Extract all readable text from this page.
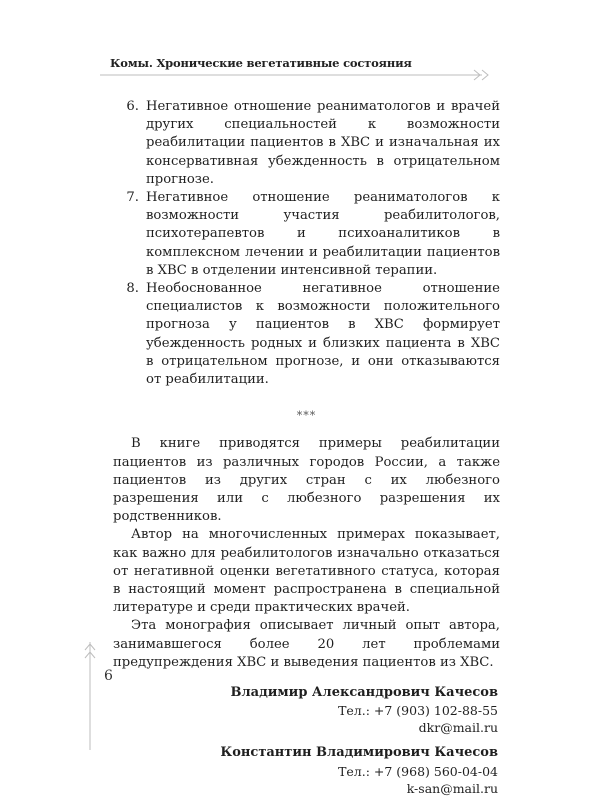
Комы. Хронические вегетативные состояния
6. Негативное отношение реаниматологов и врачей других специальностей к возможности реабилитации пациентов в ХВС и изначальная их консервативная убежденность в отрицательном прогнозе.
7. Негативное отношение реаниматологов к возможности участия реабилитологов, психотерапевтов и психоаналитиков в комплексном лечении и реабилитации пациентов в ХВС в отделении интенсивной терапии.
8. Необоснованное негативное отношение специалистов к возможности положительного прогноза у пациентов в ХВС формирует убежденность родных и близких пациента в ХВС в отрицательном прогнозе, и они отказываются от реабилитации.
***

В книге приводятся примеры реабилитации пациентов из различных городов России, а также пациентов из других стран с их любезного разрешения или с любезного разрешения их родственников.

Автор на многочисленных примерах показывает, как важно для реабилитологов изначально отказаться от негативной оценки вегетативного статуса, которая в настоящий момент распространена в специальной литературе и среди практических врачей.

Эта монография описывает личный опыт автора, занимавшегося более 20 лет проблемами предупреждения ХВС и выведения пациентов из ХВС.

Владимир Александрович Качесов
Тел.: +7 (903) 102-88-55
dkr@mail.ru
Константин Владимирович Качесов
Тел.: +7 (968) 560-04-04
k-san@mail.ru
6
